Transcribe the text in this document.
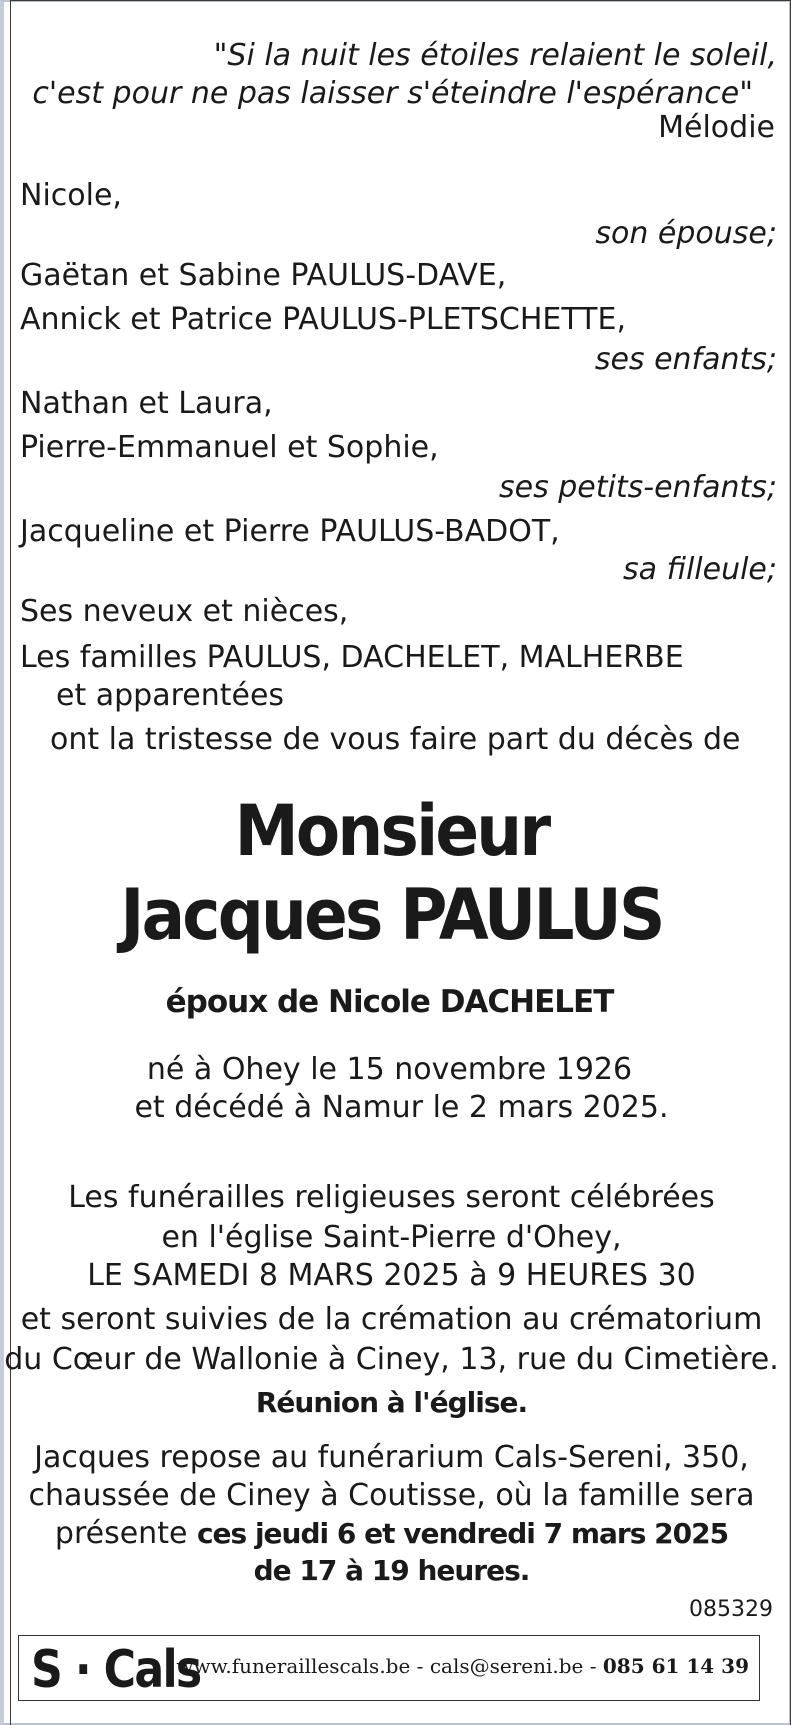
"Si la nuit les étoiles relaient le soleil,
c'est pour ne pas laisser s'éteindre l'espérance"
Mélodie
Nicole,
son épouse;
Gaëtan et Sabine PAULUS-DAVE,
Annick et Patrice PAULUS-PLETSCHETTE,
ses enfants;
Nathan et Laura,
Pierre-Emmanuel et Sophie,
ses petits-enfants;
Jacqueline et Pierre PAULUS-BADOT,
sa filleule;
Ses neveux et nièces,
Les familles PAULUS, DACHELET, MALHERBE
et apparentées
ont la tristesse de vous faire part du décès de
Monsieur
Jacques PAULUS
époux de Nicole DACHELET
né à Ohey le 15 novembre 1926
et décédé à Namur le 2 mars 2025.
Les funérailles religieuses seront célébrées
en l'église Saint-Pierre d'Ohey,
LE SAMEDI 8 MARS 2025 à 9 HEURES 30
et seront suivies de la crémation au crématorium
du Cœur de Wallonie à Ciney, 13, rue du Cimetière.
Réunion à l'église.
Jacques repose au funérarium Cals-Sereni, 350,
chaussée de Ciney à Coutisse, où la famille sera
présente ces jeudi 6 et vendredi 7 mars 2025
de 17 à 19 heures.
085329
S · Cals
www.funeraillescals.be - cals@sereni.be - 085 61 14 39
